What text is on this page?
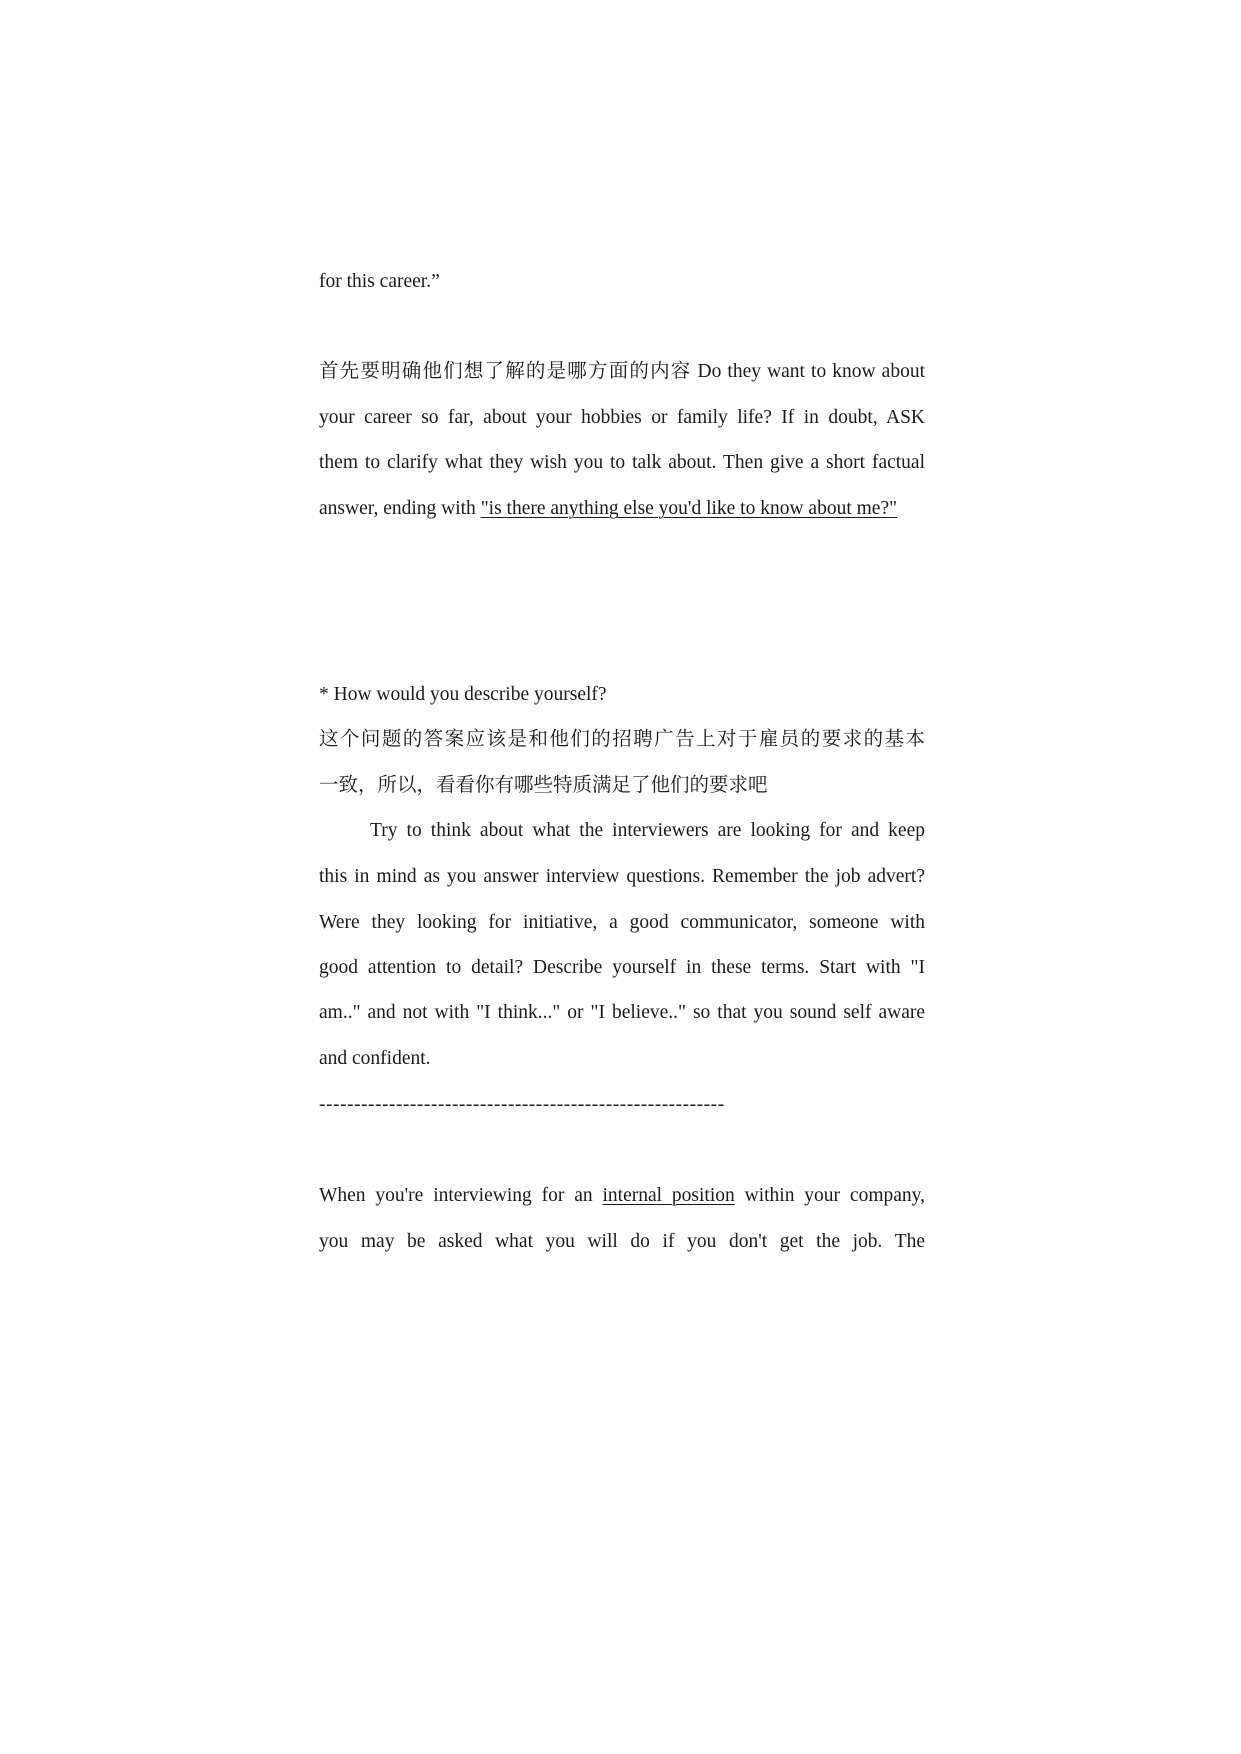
for this career.”
首先要明确他们想了解的是哪方面的内容 Do they want to know about
your career so far, about your hobbies or family life? If in doubt, ASK
them to clarify what they wish you to talk about. Then give a short factual
answer, ending with "is there anything else you'd like to know about me?"
* How would you describe yourself?
这个问题的答案应该是和他们的招聘广告上对于雇员的要求的基本
一致，所以，看看你有哪些特质满足了他们的要求吧
Try to think about what the interviewers are looking for and keep
this in mind as you answer interview questions. Remember the job advert?
Were they looking for initiative, a good communicator, someone with
good attention to detail? Describe yourself in these terms. Start with "I
am.." and not with "I think..." or "I believe.." so that you sound self aware
and confident.
----------------------------------------------------------
When you're interviewing for an internal position within your company,
you may be asked what you will do if you don't get the job. The
